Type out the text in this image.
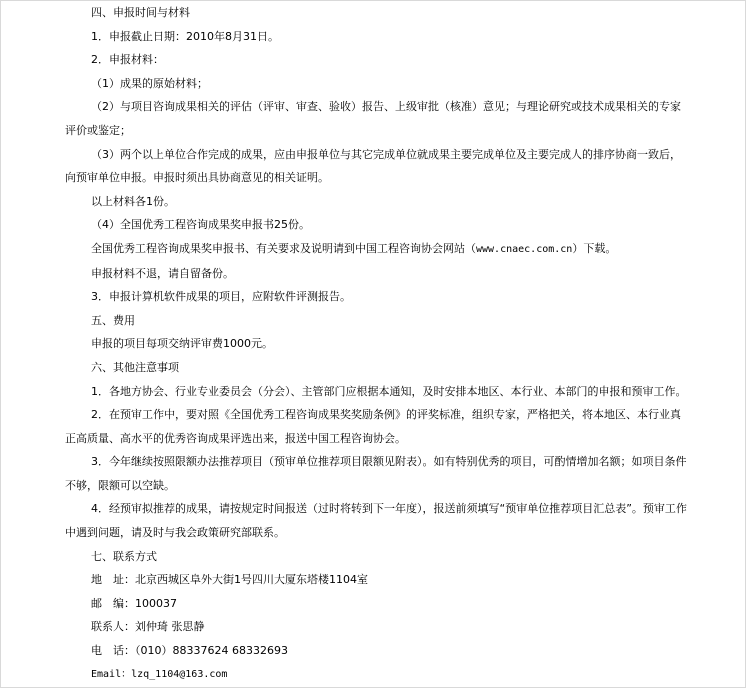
四、申报时间与材料

1．申报截止日期：2010年8月31日。

2．申报材料：

（1）成果的原始材料；

（2）与项目咨询成果相关的评估（评审、审查、验收）报告、上级审批（核准）意见；与理论研究或技术成果相关的专家评价或鉴定；

（3）两个以上单位合作完成的成果，应由申报单位与其它完成单位就成果主要完成单位及主要完成人的排序协商一致后，向预审单位申报。申报时须出具协商意见的相关证明。

以上材料各1份。

（4）全国优秀工程咨询成果奖申报书25份。

全国优秀工程咨询成果奖申报书、有关要求及说明请到中国工程咨询协会网站（www.cnaec.com.cn）下载。

申报材料不退，请自留备份。

3．申报计算机软件成果的项目，应附软件评测报告。

五、费用

申报的项目每项交纳评审费1000元。

六、其他注意事项

1．各地方协会、行业专业委员会（分会）、主管部门应根据本通知，及时安排本地区、本行业、本部门的申报和预审工作。

2．在预审工作中，要对照《全国优秀工程咨询成果奖奖励条例》的评奖标准，组织专家，严格把关，将本地区、本行业真正高质量、高水平的优秀咨询成果评选出来，报送中国工程咨询协会。

3．今年继续按照限额办法推荐项目（预审单位推荐项目限额见附表）。如有特别优秀的项目，可酌情增加名额；如项目条件不够，限额可以空缺。

4．经预审拟推荐的成果，请按规定时间报送（过时将转到下一年度），报送前须填写“预审单位推荐项目汇总表”。预审工作中遇到问题，请及时与我会政策研究部联系。

七、联系方式

地　址：北京西城区阜外大街1号四川大厦东塔楼1104室

邮　编：100037

联系人：刘仲琦 张思静

电　话：（010）88337624 68332693

Email：lzq_1104@163.com
